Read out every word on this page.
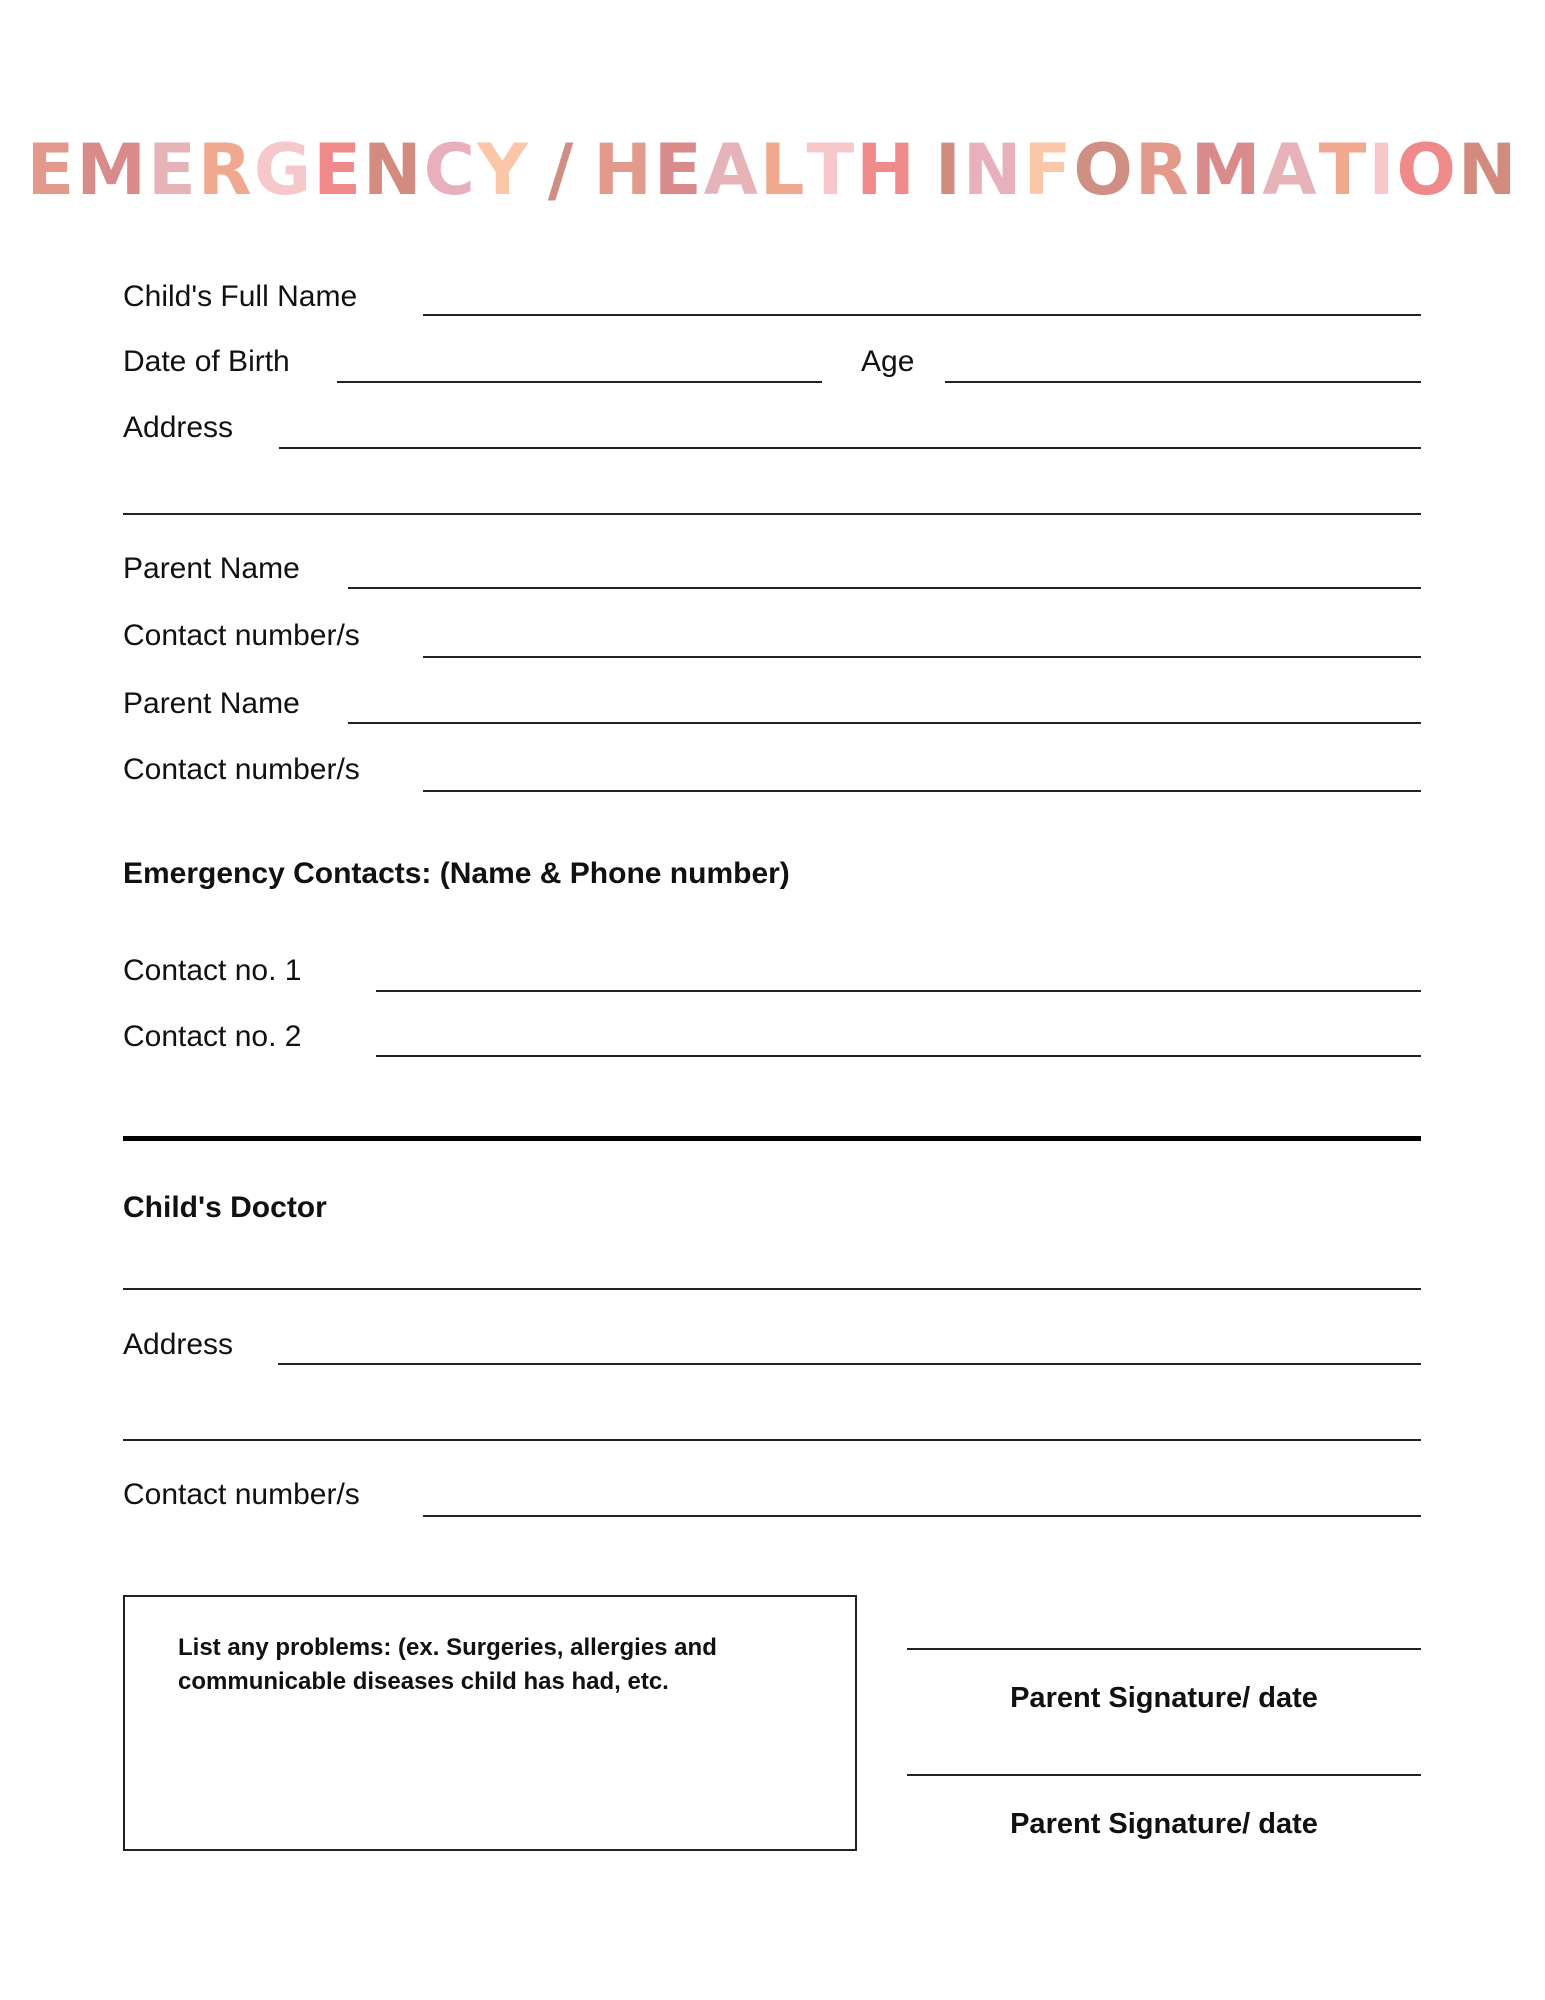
EMERGENCY / HEALTH INFORMATION
Child's Full Name
Date of Birth	Age
Address
Parent Name
Contact number/s
Parent Name
Contact number/s
Emergency Contacts: (Name & Phone number)
Contact no. 1
Contact no. 2
Child's Doctor
Address
Contact number/s
List any problems: (ex. Surgeries, allergies and communicable diseases child has had, etc.
Parent Signature/ date
Parent Signature/ date
